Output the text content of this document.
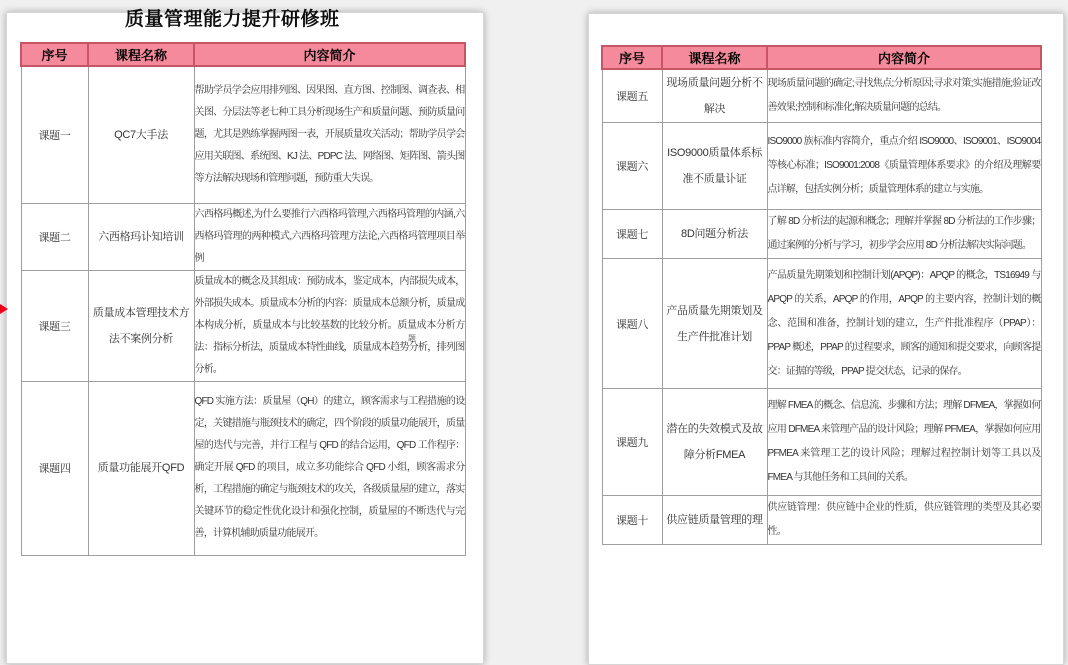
质量管理能力提升研修班
序号	课程名称	内容简介
课题一	QC7大手法	帮助学员学会应用排列图、因果图、直方图、控制图、调查表、相关图、分层法等老七种工具分析现场生产和质量问题、预防质量问题，尤其是熟练掌握两图一表，开展质量攻关活动；帮助学员学会应用关联图、系统图、KJ 法、PDPC 法、网络图、矩阵图、箭头图等方法解决现场和管理问题，预防重大失误。
课题二	六西格玛讣知培训	六西格玛概述,为什么要推行六西格玛管理,六西格玛管理的内涵,六西格玛管理的两种模式,六西格玛管理方法论,六西格玛管理项目举例
课题三	质量成本管理技术方法不案例分析	质量成本的概念及其组成：预防成本，鉴定成本，内部损失成本，外部损失成本。质量成本分析的内容：质量成本总额分析，质量成本构成分析，质量成本与比较基数的比较分析。质量成本分析方法：指标分析法，质量成本特性曲线，质量成本趋势分析，排列图分析。
课题四	质量功能展开QFD	QFD 实施方法：质量屋（QH）的建立，顾客需求与工程措施的设定，关键措施与瓶颈技术的确定，四个阶段的质量功能展开，质量屋的迭代与完善，并行工程与 QFD 的结合运用，QFD 工作程序：确定开展 QFD 的项目，成立多功能综合 QFD 小组，顾客需求分析，工程措施的确定与瓶颈技术的攻关，各级质量屋的建立，落实关键环节的稳定性优化设计和强化控制，质量屋的不断迭代与完善，计算机辅助质量功能展开。
题
序号	课程名称	内容简介
课题五	现场质量问题分析不解决	现场质量问题的确定;寻找焦点;分析原因;寻求对策;实施措施;验证改善效果;控制和标准化;解决质量问题的总结。
课题六	ISO9000质量体系标准不质量讣证	ISO9000 族标准内容简介，重点介绍 ISO9000、ISO9001、ISO9004 等核心标准；ISO9001:2008《质量管理体系要求》的介绍及理解要点详解，包括实例分析；质量管理体系的建立与实施。
课题七	8D问题分析法	了解 8D 分析法的起源和概念；理解并掌握 8D 分析法的工作步骤；通过案例的分析与学习，初步学会应用 8D 分析法解决实际问题。
课题八	产品质量先期策划及生产件批准计划	产品质量先期策划和控制计划(APQP)：APQP 的概念，TS16949 与 APQP 的关系，APQP 的作用，APQP 的主要内容，控制计划的概念、范围和准备，控制计划的建立，生产件批准程序（PPAP）：PPAP 概述，PPAP 的过程要求，顾客的通知和提交要求，向顾客提交：证据的等级，PPAP 提交状态，记录的保存。
课题九	潜在的失效模式及故障分析FMEA	理解 FMEA 的概念、信息流、步骤和方法；理解 DFMEA，掌握如何应用 DFMEA 来管理产品的设计风险；理解 PFMEA，掌握如何应用 PFMEA 来管理工艺的设计风险；理解过程控制计划等工具以及 FMEA 与其他任务和工具间的关系。
课题十	供应链质量管理的理	供应链管理：供应链中企业的性质，供应链管理的类型及其必要性。
